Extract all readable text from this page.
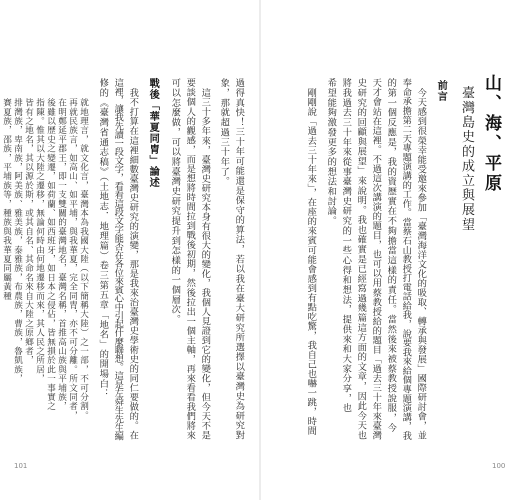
過得真快！三十年可能還是保守的算法，若以我在臺大研究所選擇以臺灣史為研究對
象，那就超過三十年了。
這三十多年來，臺灣史研究本身有很大的變化，我個人見證到它的變化，但今天不是
要談個人的觀感，而是想將時間拉到戰後初期，然後拉出一個主軸，再來看看我們將來
可以怎麼做，可以將臺灣史研究提升到怎樣的一個層次。
戰後「華夏同胄」論述
我不打算在這裡細數臺灣史研究的演變，那是我來治臺灣史學術史的同仁要做的。在
這裡，讓我先讀一段文字，看看這段文字能否在各位來賓心中引起什麼聯想。這是左舜生先生編
修的《臺灣省通志稿》（土地志．地理篇）卷三第五章「地名」的開場白：
就地理言，就文化言，臺灣本為我國大陸（以下簡稱大陸）之一部，不可分割。
再就民族言，如高山、如平埔，與我華夏，完全同胄，亦不可分離。所文同者，
在明鄭延平郡王，即一支雙關的臺灣地名，臺灣名稱，首推高山族與平埔族，
後雖以歷史之變遷，如荷蘭、如西班牙，如日本之侵佔，皆無損於此一事實之
指陳。惟其以大陸之遷移，無論何時由何地遷移而來，其人民之所居，
皆有之地名，其以源於斯，或其自名、其命名來自大陸之原鄉者，
排灣族，卑南族，阿美族、雅美族，泰雅族，布農族，曹族，魯凱族，
賽夏族，邵族，平埔族等，種族與我華夏同屬黃種
101
山、海、平原
臺灣島史的成立與展望
前言
今天感到很榮幸能受邀來參加「臺灣海洋文化的吸取、轉承與發展」國際研討會，並
奉命承擔第二天專題演講的工作。當蔡石山教授打電話給我，說要我來給個專題演講，我
的第一個反應是，我的資歷實在不夠擔當這樣的責任。當然後來被蔡教授說服，今
天才會站在這裡。不過這次講演的題目，也可以用蔡教授給的題目「過去三十年來臺灣
史研究的回顧與展望」來說明。我也確實是已經寫過幾篇這方面的文章，因此今天也
將我過去三十年來從事臺灣史研究的一些心得和想法，提供來和大家分享，也
希望能夠激發更多的想法和討論。
剛剛說「過去三十年來」，在座的來賓可能會感到有點吃驚，我自己也嚇一跳，時間
100
